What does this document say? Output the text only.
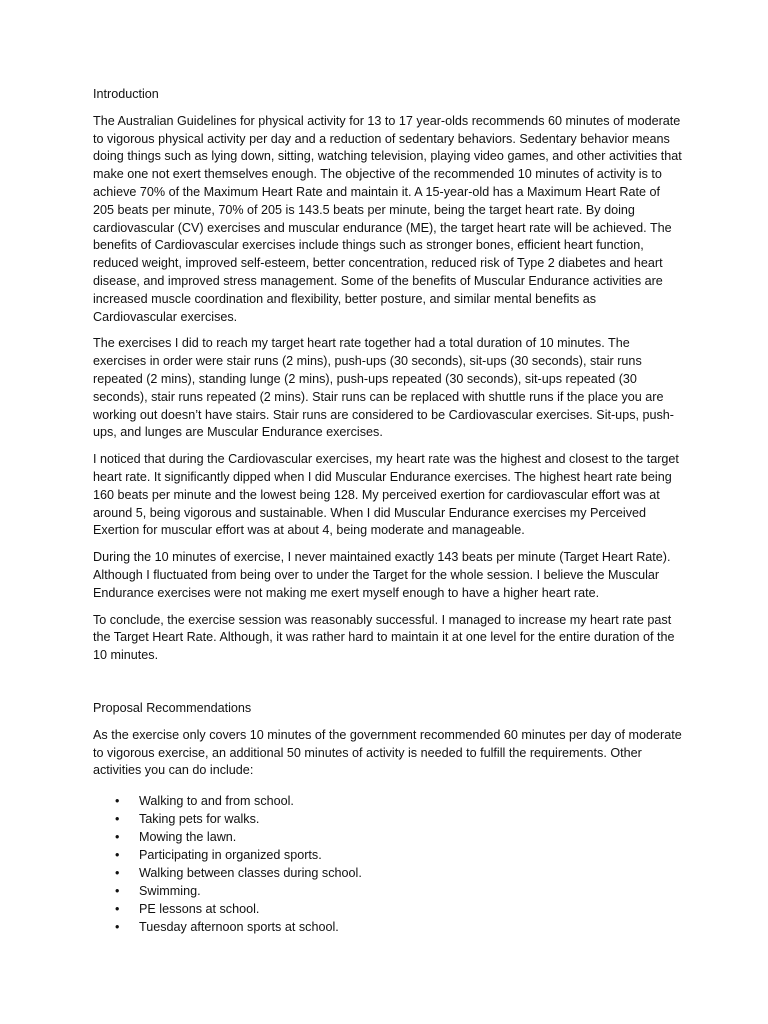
Introduction

The Australian Guidelines for physical activity for 13 to 17 year-olds recommends 60 minutes of moderate to vigorous physical activity per day and a reduction of sedentary behaviors. Sedentary behavior means doing things such as lying down, sitting, watching television, playing video games, and other activities that make one not exert themselves enough. The objective of the recommended 10 minutes of activity is to achieve 70% of the Maximum Heart Rate and maintain it. A 15-year-old has a Maximum Heart Rate of 205 beats per minute, 70% of 205 is 143.5 beats per minute, being the target heart rate. By doing cardiovascular (CV) exercises and muscular endurance (ME), the target heart rate will be achieved. The benefits of Cardiovascular exercises include things such as stronger bones, efficient heart function, reduced weight, improved self-esteem, better concentration, reduced risk of Type 2 diabetes and heart disease, and improved stress management. Some of the benefits of Muscular Endurance activities are increased muscle coordination and flexibility, better posture, and similar mental benefits as Cardiovascular exercises.

The exercises I did to reach my target heart rate together had a total duration of 10 minutes. The exercises in order were stair runs (2 mins), push-ups (30 seconds), sit-ups (30 seconds), stair runs repeated (2 mins), standing lunge (2 mins), push-ups repeated (30 seconds), sit-ups repeated (30 seconds), stair runs repeated (2 mins). Stair runs can be replaced with shuttle runs if the place you are working out doesn’t have stairs. Stair runs are considered to be Cardiovascular exercises. Sit-ups, push-ups, and lunges are Muscular Endurance exercises.

I noticed that during the Cardiovascular exercises, my heart rate was the highest and closest to the target heart rate. It significantly dipped when I did Muscular Endurance exercises. The highest heart rate being 160 beats per minute and the lowest being 128. My perceived exertion for cardiovascular effort was at around 5, being vigorous and sustainable. When I did Muscular Endurance exercises my Perceived Exertion for muscular effort was at about 4, being moderate and manageable.

During the 10 minutes of exercise, I never maintained exactly 143 beats per minute (Target Heart Rate). Although I fluctuated from being over to under the Target for the whole session. I believe the Muscular Endurance exercises were not making me exert myself enough to have a higher heart rate.

To conclude, the exercise session was reasonably successful. I managed to increase my heart rate past the Target Heart Rate. Although, it was rather hard to maintain it at one level for the entire duration of the 10 minutes.

Proposal Recommendations

As the exercise only covers 10 minutes of the government recommended 60 minutes per day of moderate to vigorous exercise, an additional 50 minutes of activity is needed to fulfill the requirements. Other activities you can do include:

• Walking to and from school.
• Taking pets for walks.
• Mowing the lawn.
• Participating in organized sports.
• Walking between classes during school.
• Swimming.
• PE lessons at school.
• Tuesday afternoon sports at school.
